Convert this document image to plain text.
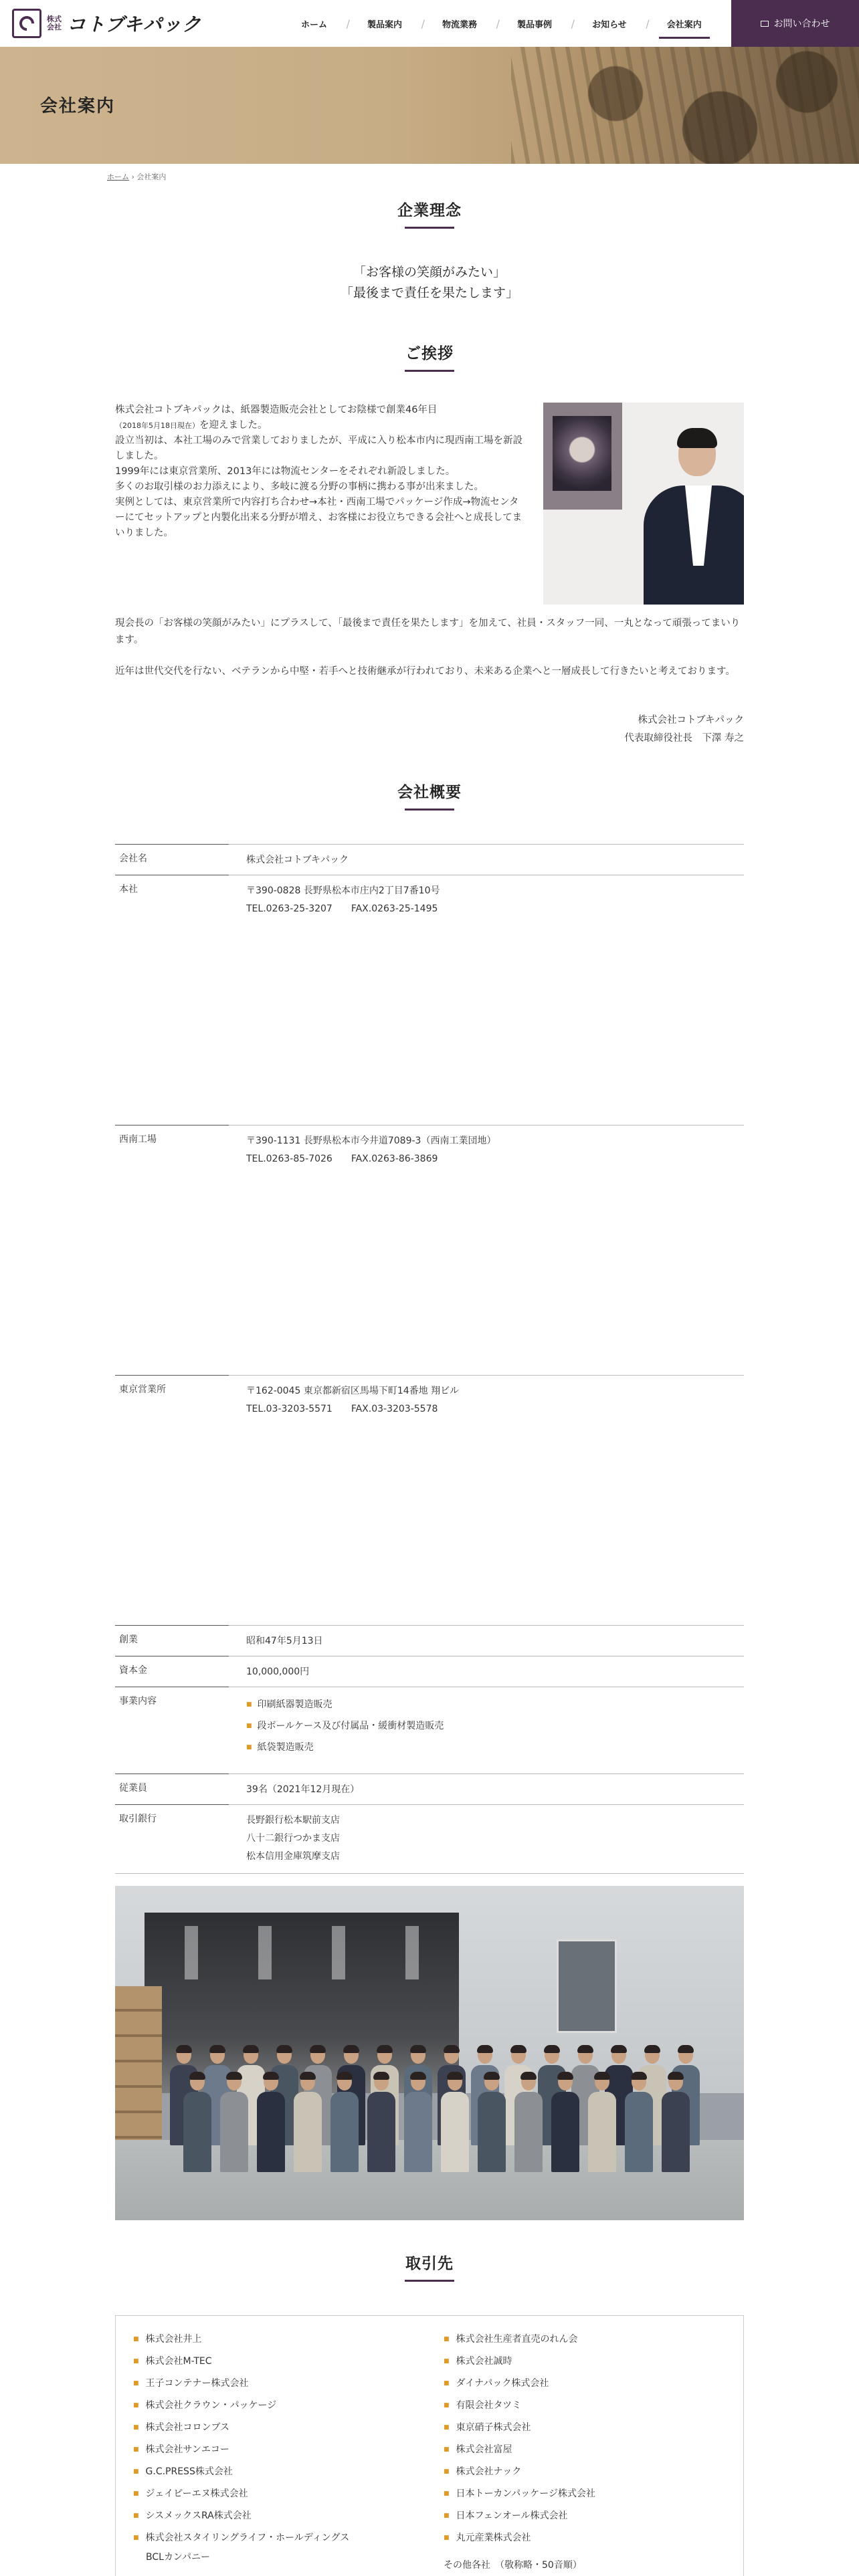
株式会社 コトブキパック	ホーム /	製品案内 /	物流業務 /	製品事例 /	お知らせ /	会社案内	お問い合わせ
会社案内
ホーム › 会社案内
企業理念
「お客様の笑顔がみたい」
「最後まで責任を果たします」
ご挨拶
株式会社コトブキパックは、紙器製造販売会社としてお陰様で創業46年目
（2018年5月18日現在）を迎えました。
設立当初は、本社工場のみで営業しておりましたが、平成に入り松本市内に現西南工場を新設しました。
1999年には東京営業所、2013年には物流センターをそれぞれ新設しました。
多くのお取引様のお力添えにより、多岐に渡る分野の事柄に携わる事が出来ました。
実例としては、東京営業所で内容打ち合わせ→本社・西南工場でパッケージ作成→物流センターにてセットアップと内製化出来る分野が増え、お客様にお役立ちできる会社へと成長してまいりました。
現会長の「お客様の笑顔がみたい」にプラスして、「最後まで責任を果たします」を加えて、社員・スタッフ一同、一丸となって頑張ってまいります。
近年は世代交代を行ない、ベテランから中堅・若手へと技術継承が行われており、未来ある企業へと一層成長して行きたいと考えております。
株式会社コトブキパック
代表取締役社長　下澤 寿之
会社概要
会社名	株式会社コトブキパック
本社	〒390-0828 長野県松本市庄内2丁目7番10号
TEL.0263-25-3207　　FAX.0263-25-1495
西南工場	〒390-1131 長野県松本市今井道7089-3（西南工業団地）
TEL.0263-85-7026　　FAX.0263-86-3869
東京営業所	〒162-0045 東京都新宿区馬場下町14番地 翔ビル
TEL.03-3203-5571　　FAX.03-3203-5578
創業	昭和47年5月13日
資本金	10,000,000円
事業内容
■	印刷紙器製造販売
■ 段ボールケース及び付属品・緩衝材製造販売
■ 紙袋製造販売
従業員	39名（2021年12月現在）
取引銀行	長野銀行松本駅前支店
八十二銀行つかま支店
松本信用金庫筑摩支店
取引先
■ 株式会社井上
■ 株式会社M-TEC
■ 王子コンテナー株式会社
■ 株式会社クラウン・パッケージ
■ 株式会社コロンブス
■ 株式会社サンエコー
■ G.C.PRESS株式会社
■ ジェイピーエヌ株式会社
■ シスメックスRA株式会社
■ 株式会社スタイリングライフ・ホールディングス
BCLカンパニー
■ 株式会社生産者直売のれん会
■ 株式会社誠時
■ ダイナパック株式会社
■ 有限会社タツミ
■ 東京硝子株式会社
■ 株式会社富屋
■ 株式会社ナック
■ 日本トーカンパッケージ株式会社
■ 日本フェンオール株式会社
■ 丸元産業株式会社
その他各社　（敬称略・50音順）
